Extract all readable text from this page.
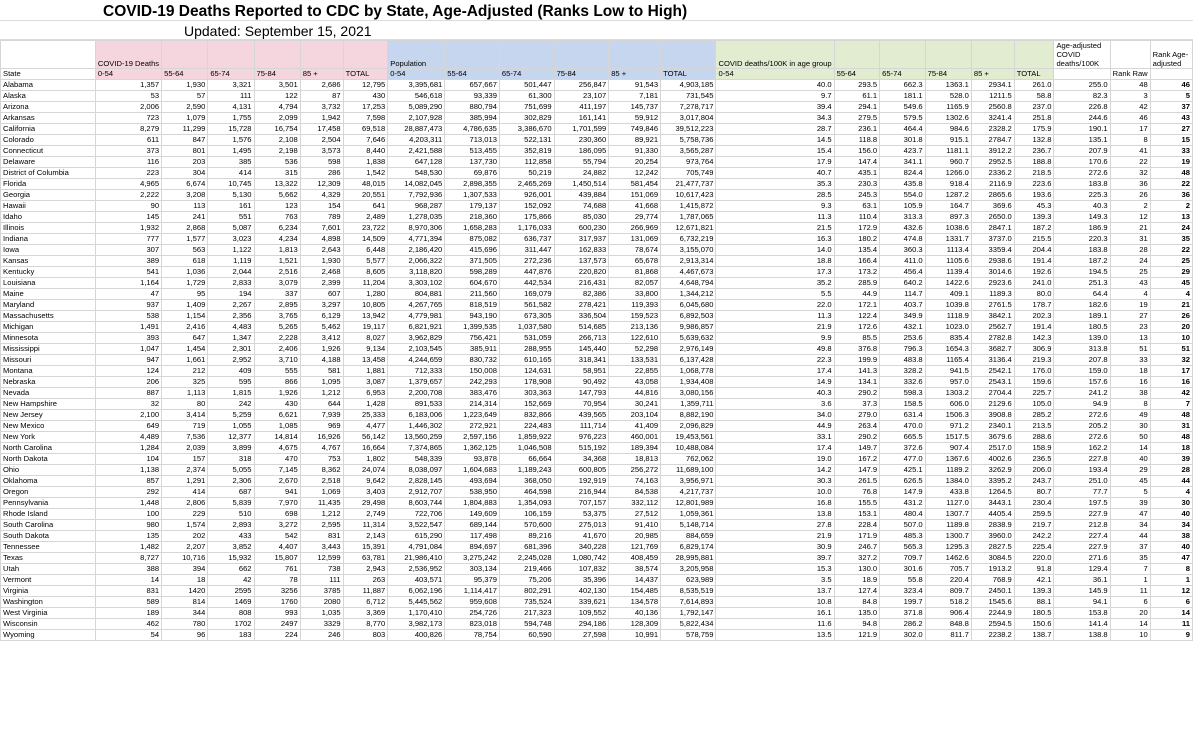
COVID-19 Deaths Reported to CDC by State, Age-Adjusted (Ranks Low to High)
Updated: September 15, 2021
	COVID-19 Deaths						Population						COVID deaths/100K in age group						Age-adjusted COVID deaths/100K		Rank Age-adjusted
State	0-54	55-64	65-74	75-84	85 +	TOTAL	0-54	55-64	65-74	75-84	85 +	TOTAL	0-54	55-64	65-74	75-84	85 +	TOTAL		Rank Raw	
Alabama	1,357	1,930	3,321	3,501	2,686	12,795	3,395,681	657,667	501,447	256,847	91,543	4,903,185	40.0	293.5	662.3	1363.1	2934.1	261.0	255.0	48	46
Alaska	53	57	111	122	87	430	546,618	93,339	61,300	23,107	7,181	731,545	9.7	61.1	181.1	528.0	1211.5	58.8	82.3	3	5
Arizona	2,006	2,590	4,131	4,794	3,732	17,253	5,089,290	880,794	751,699	411,197	145,737	7,278,717	39.4	294.1	549.6	1165.9	2560.8	237.0	226.8	42	37
Arkansas	723	1,079	1,755	2,099	1,942	7,598	2,107,928	385,994	302,829	161,141	59,912	3,017,804	34.3	279.5	579.5	1302.6	3241.4	251.8	244.6	46	43
California	8,279	11,299	15,728	16,754	17,458	69,518	28,887,473	4,786,635	3,386,670	1,701,599	749,846	39,512,223	28.7	236.1	464.4	984.6	2328.2	175.9	190.1	17	27
Colorado	611	847	1,576	2,108	2,504	7,646	4,203,311	713,013	522,131	230,360	89,921	5,758,736	14.5	118.8	301.8	915.1	2784.7	132.8	135.1	8	15
Connecticut	373	801	1,495	2,198	3,573	8,440	2,421,588	513,455	352,819	186,095	91,330	3,565,287	15.4	156.0	423.7	1181.1	3912.2	236.7	207.9	41	33
Delaware	116	203	385	536	598	1,838	647,128	137,730	112,858	55,794	20,254	973,764	17.9	147.4	341.1	960.7	2952.5	188.8	170.6	22	19
District of Columbia	223	304	414	315	286	1,542	548,530	69,876	50,219	24,882	12,242	705,749	40.7	435.1	824.4	1266.0	2336.2	218.5	272.6	32	48
Florida	4,965	6,674	10,745	13,322	12,309	48,015	14,082,045	2,898,355	2,465,269	1,450,514	581,454	21,477,737	35.3	230.3	435.8	918.4	2116.9	223.6	183.8	36	22
Georgia	2,222	3,208	5,130	5,662	4,329	20,551	7,792,936	1,307,533	926,001	439,884	151,069	10,617,423	28.5	245.3	554.0	1287.2	2865.6	193.6	225.3	26	36
Hawaii	90	113	161	123	154	641	968,287	179,137	152,092	74,688	41,668	1,415,872	9.3	63.1	105.9	164.7	369.6	45.3	40.3	2	2
Idaho	145	241	551	763	789	2,489	1,278,035	218,360	175,866	85,030	29,774	1,787,065	11.3	110.4	313.3	897.3	2650.0	139.3	149.3	12	13
Illinois	1,932	2,868	5,087	6,234	7,601	23,722	8,970,306	1,658,283	1,176,033	600,230	266,969	12,671,821	21.5	172.9	432.6	1038.6	2847.1	187.2	186.9	21	24
Indiana	777	1,577	3,023	4,234	4,898	14,509	4,771,394	875,082	636,737	317,937	131,069	6,732,219	16.3	180.2	474.8	1331.7	3737.0	215.5	220.3	31	35
Iowa	307	563	1,122	1,813	2,643	6,448	2,186,420	415,696	311,447	162,833	78,674	3,155,070	14.0	135.4	360.3	1113.4	3359.4	204.4	183.8	28	22
Kansas	389	618	1,119	1,521	1,930	5,577	2,066,322	371,505	272,236	137,573	65,678	2,913,314	18.8	166.4	411.0	1105.6	2938.6	191.4	187.2	24	25
Kentucky	541	1,036	2,044	2,516	2,468	8,605	3,118,820	598,289	447,876	220,820	81,868	4,467,673	17.3	173.2	456.4	1139.4	3014.6	192.6	194.5	25	29
Louisiana	1,164	1,729	2,833	3,079	2,399	11,204	3,303,102	604,670	442,534	216,431	82,057	4,648,794	35.2	285.9	640.2	1422.6	2923.6	241.0	251.3	43	45
Maine	47	95	194	337	607	1,280	804,881	211,560	169,079	82,386	33,800	1,344,212	5.5	44.9	114.7	409.1	1189.3	80.0	64.4	4	4
Maryland	937	1,409	2,267	2,895	3,297	10,805	4,267,765	818,519	561,582	278,421	119,393	6,045,680	22.0	172.1	403.7	1039.8	2761.5	178.7	182.6	19	21
Massachusetts	538	1,154	2,356	3,765	6,129	13,942	4,779,981	943,190	673,305	336,504	159,523	6,892,503	11.3	122.4	349.9	1118.9	3842.1	202.3	189.1	27	26
Michigan	1,491	2,416	4,483	5,265	5,462	19,117	6,821,921	1,399,535	1,037,580	514,685	213,136	9,986,857	21.9	172.6	432.1	1023.0	2562.7	191.4	180.5	23	20
Minnesota	393	647	1,347	2,228	3,412	8,027	3,962,829	756,421	531,059	266,713	122,610	5,639,632	9.9	85.5	253.6	835.4	2782.8	142.3	139.0	13	10
Mississippi	1,047	1,454	2,301	2,406	1,926	9,134	2,103,545	385,911	288,955	145,440	52,298	2,976,149	49.8	376.8	796.3	1654.3	3682.7	306.9	313.8	51	51
Missouri	947	1,661	2,952	3,710	4,188	13,458	4,244,659	830,732	610,165	318,341	133,531	6,137,428	22.3	199.9	483.8	1165.4	3136.4	219.3	207.8	33	32
Montana	124	212	409	555	581	1,881	712,333	150,008	124,631	58,951	22,855	1,068,778	17.4	141.3	328.2	941.5	2542.1	176.0	159.0	18	17
Nebraska	206	325	595	866	1,095	3,087	1,379,657	242,293	178,908	90,492	43,058	1,934,408	14.9	134.1	332.6	957.0	2543.1	159.6	157.6	16	16
Nevada	887	1,113	1,815	1,926	1,212	6,953	2,200,708	383,476	303,363	147,793	44,816	3,080,156	40.3	290.2	598.3	1303.2	2704.4	225.7	241.2	38	42
New Hampshire	32	80	242	430	644	1,428	891,533	214,314	152,669	70,954	30,241	1,359,711	3.6	37.3	158.5	606.0	2129.6	105.0	94.9	8	7
New Jersey	2,100	3,414	5,259	6,621	7,939	25,333	6,183,006	1,223,649	832,866	439,565	203,104	8,882,190	34.0	279.0	631.4	1506.3	3908.8	285.2	272.6	49	48
New Mexico	649	719	1,055	1,085	969	4,477	1,446,302	272,921	224,483	111,714	41,409	2,096,829	44.9	263.4	470.0	971.2	2340.1	213.5	205.2	30	31
New York	4,489	7,536	12,377	14,814	16,926	56,142	13,560,259	2,597,156	1,859,922	976,223	460,001	19,453,561	33.1	290.2	665.5	1517.5	3679.6	288.6	272.6	50	48
North Carolina	1,284	2,039	3,899	4,675	4,767	16,664	7,374,865	1,362,125	1,046,508	515,192	189,394	10,488,084	17.4	149.7	372.6	907.4	2517.0	158.9	162.2	14	18
North Dakota	104	157	318	470	753	1,802	548,339	93,878	66,664	34,368	18,813	762,062	19.0	167.2	477.0	1367.6	4002.6	236.5	227.8	40	39
Ohio	1,138	2,374	5,055	7,145	8,362	24,074	8,038,097	1,604,683	1,189,243	600,805	256,272	11,689,100	14.2	147.9	425.1	1189.2	3262.9	206.0	193.4	29	28
Oklahoma	857	1,291	2,306	2,670	2,518	9,642	2,828,145	493,694	368,050	192,919	74,163	3,956,971	30.3	261.5	626.5	1384.0	3395.2	243.7	251.0	45	44
Oregon	292	414	687	941	1,069	3,403	2,912,707	538,950	464,598	216,944	84,538	4,217,737	10.0	76.8	147.9	433.8	1264.5	80.7	77.7	5	4
Pennsylvania	1,448	2,806	5,839	7,970	11,435	29,498	8,603,744	1,804,883	1,354,093	707,157	332,112	12,801,989	16.8	155.5	431.2	1127.0	3443.1	230.4	197.5	39	30
Rhode Island	100	229	510	698	1,212	2,749	722,706	149,609	106,159	53,375	27,512	1,059,361	13.8	153.1	480.4	1307.7	4405.4	259.5	227.9	47	40
South Carolina	980	1,574	2,893	3,272	2,595	11,314	3,522,547	689,144	570,600	275,013	91,410	5,148,714	27.8	228.4	507.0	1189.8	2838.9	219.7	212.8	34	34
South Dakota	135	202	433	542	831	2,143	615,290	117,498	89,216	41,670	20,985	884,659	21.9	171.9	485.3	1300.7	3960.0	242.2	227.4	44	38
Tennessee	1,482	2,207	3,852	4,407	3,443	15,391	4,791,084	894,697	681,396	340,228	121,769	6,829,174	30.9	246.7	565.3	1295.3	2827.5	225.4	227.9	37	40
Texas	8,727	10,716	15,932	15,807	12,599	63,781	21,986,410	3,275,242	2,245,028	1,080,742	408,459	28,995,881	39.7	327.2	709.7	1462.6	3084.5	220.0	271.6	35	47
Utah	388	394	662	761	738	2,943	2,536,952	303,134	219,466	107,832	38,574	3,205,958	15.3	130.0	301.6	705.7	1913.2	91.8	129.4	7	8
Vermont	14	18	42	78	111	263	403,571	95,379	75,206	35,396	14,437	623,989	3.5	18.9	55.8	220.4	768.9	42.1	36.1	1	1
Virginia	831	1420	2595	3256	3785	11,887	6,062,196	1,114,417	802,291	402,130	154,485	8,535,519	13.7	127.4	323.4	809.7	2450.1	139.3	145.9	11	12
Washington	589	814	1469	1760	2080	6,712	5,445,562	959,608	735,524	339,621	134,578	7,614,893	10.8	84.8	199.7	518.2	1545.6	88.1	94.1	6	6
West Virginia	189	344	808	993	1,035	3,369	1,170,410	254,726	217,323	109,552	40,136	1,792,147	16.1	135.0	371.8	906.4	2244.9	180.5	153.8	20	14
Wisconsin	462	780	1702	2497	3329	8,770	3,982,173	823,018	594,748	294,186	128,309	5,822,434	11.6	94.8	286.2	848.8	2594.5	150.6	141.4	14	11
Wyoming	54	96	183	224	246	803	400,826	78,754	60,590	27,598	10,991	578,759	13.5	121.9	302.0	811.7	2238.2	138.7	138.8	10	9
